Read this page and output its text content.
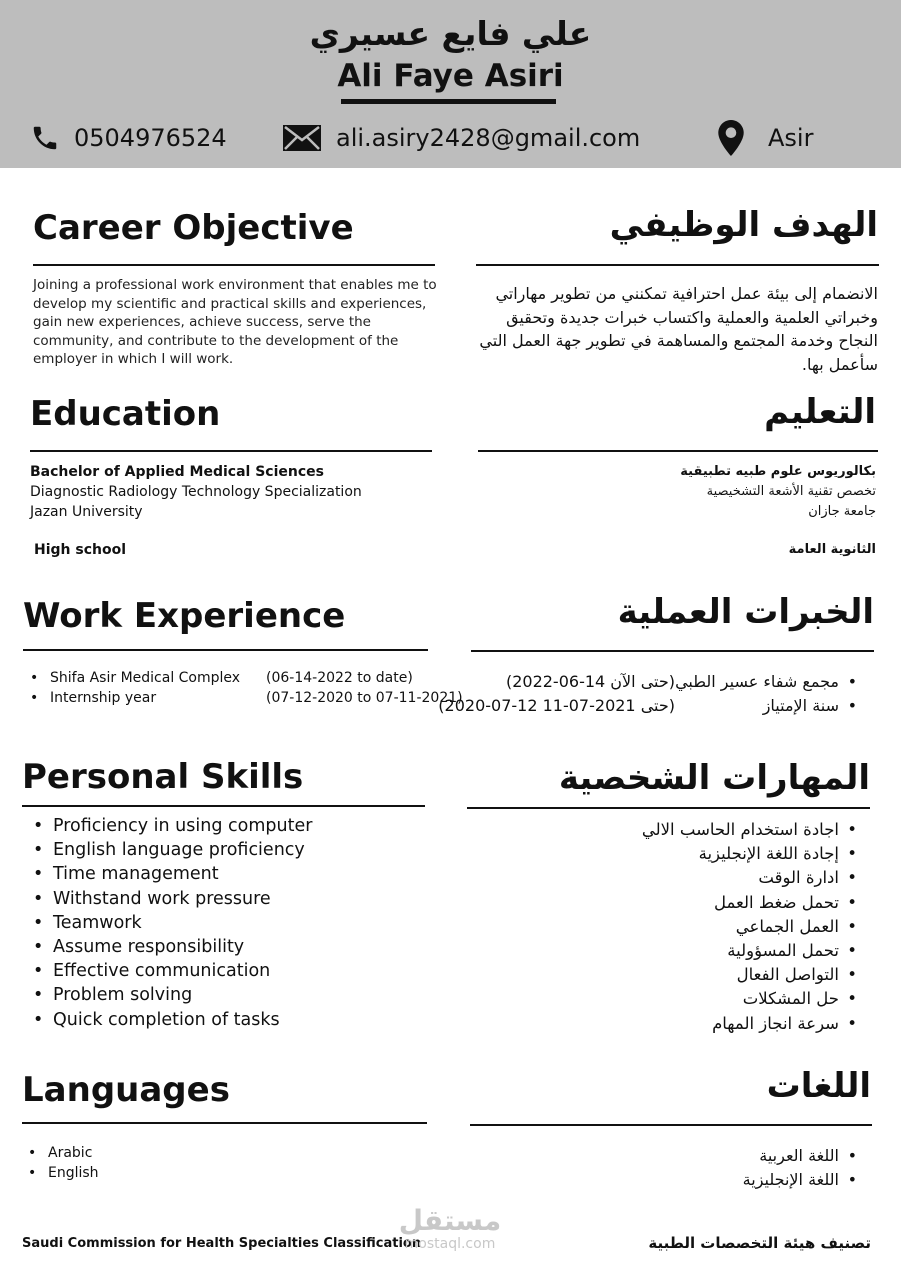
علي فايع عسيري
Ali Faye Asiri
0504976524	ali.asiry2428@gmail.com	Asir
Career Objective	الهدف الوظيفي
Joining a professional work environment that enables me to develop my scientific and practical skills and experiences, gain new experiences, achieve success, serve the community, and contribute to the development of the employer in which I will work.
الانضمام إلى بيئة عمل احترافية تمكنني من تطوير مهاراتي وخبراتي العلمية والعملية واكتساب خبرات جديدة وتحقيق النجاح وخدمة المجتمع والمساهمة في تطوير جهة العمل التي سأعمل بها.
Education	التعليم
Bachelor of Applied Medical Sciences
Diagnostic Radiology Technology Specialization
Jazan University
بكالوريوس علوم طبيه تطبيقية
تخصص تقنية الأشعة التشخيصية
جامعة جازان
High school	الثانوية العامة
Work Experience	الخبرات العملية
• Shifa Asir Medical Complex (06-14-2022 to date)
• Internship year	(07-12-2020 to 07-11-2021)
• مجمع شفاء عسير الطبي
(2022-06-14 حتى الآن)
• سنة الإمتياز
(2020-07-12 حتى 2021-07-11)
Personal Skills	المهارات الشخصية
• Proficiency in using computer
• English language proficiency
• Time management
• Withstand work pressure
• Teamwork
• Assume responsibility
• Effective communication
• Problem solving
• Quick completion of tasks
• اجادة استخدام الحاسب الالي
• إجادة اللغة الإنجليزية
• ادارة الوقت
• تحمل ضغط العمل
• العمل الجماعي
• تحمل المسؤولية
• التواصل الفعال
• حل المشكلات
• سرعة انجاز المهام
Languages	اللغات
• Arabic
• English
• اللغة العربية
• اللغة الإنجليزية
Saudi Commission for Health Specialties Classification
مستقل
mostaql.com	تصنيف هيئة التخصصات الطبية
